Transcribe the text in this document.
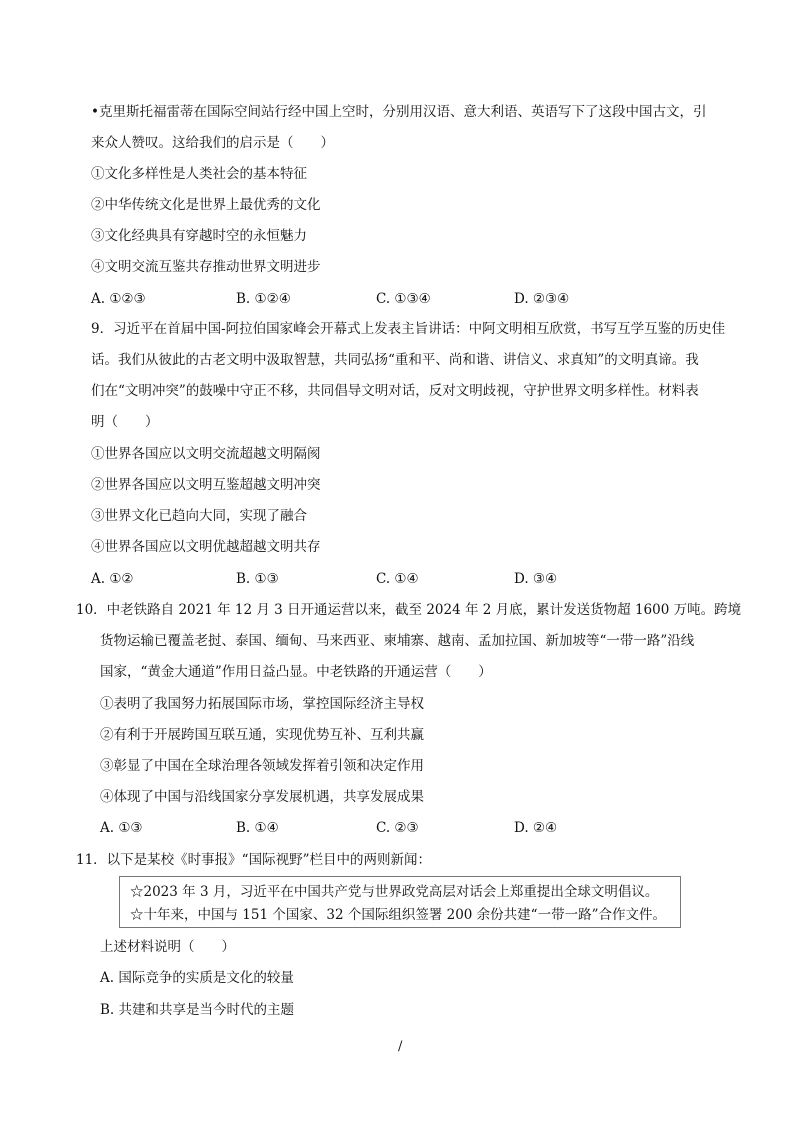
•克里斯托福雷蒂在国际空间站行经中国上空时，分别用汉语、意大利语、英语写下了这段中国古文，引
来众人赞叹。这给我们的启示是（　　）
①文化多样性是人类社会的基本特征
②中华传统文化是世界上最优秀的文化
③文化经典具有穿越时空的永恒魅力
④文明交流互鉴共存推动世界文明进步
A. ①②③	B. ①②④	C. ①③④	D. ②③④
9．习近平在首届中国-阿拉伯国家峰会开幕式上发表主旨讲话：中阿文明相互欣赏，书写互学互鉴的历史佳
话。我们从彼此的古老文明中汲取智慧，共同弘扬“重和平、尚和谐、讲信义、求真知”的文明真谛。我
们在“文明冲突”的鼓噪中守正不移，共同倡导文明对话，反对文明歧视，守护世界文明多样性。材料表
明（　　）
①世界各国应以文明交流超越文明隔阂
②世界各国应以文明互鉴超越文明冲突
③世界文化已趋向大同，实现了融合
④世界各国应以文明优越超越文明共存
A. ①②	B. ①③	C. ①④	D. ③④
10．中老铁路自 2021 年 12 月 3 日开通运营以来，截至 2024 年 2 月底，累计发送货物超 1600 万吨。跨境
货物运输已覆盖老挝、泰国、缅甸、马来西亚、柬埔寨、越南、孟加拉国、新加坡等“一带一路”沿线
国家，“黄金大通道”作用日益凸显。中老铁路的开通运营（　　）
①表明了我国努力拓展国际市场，掌控国际经济主导权
②有利于开展跨国互联互通，实现优势互补、互利共赢
③彰显了中国在全球治理各领域发挥着引领和决定作用
④体现了中国与沿线国家分享发展机遇，共享发展成果
A. ①③	B. ①④	C. ②③	D. ②④
11．以下是某校《时事报》“国际视野”栏目中的两则新闻：
☆2023 年 3 月，习近平在中国共产党与世界政党高层对话会上郑重提出全球文明倡议。
☆十年来，中国与 151 个国家、32 个国际组织签署 200 余份共建“一带一路”合作文件。
上述材料说明（　　）
A. 国际竞争的实质是文化的较量
B. 共建和共享是当今时代的主题
/
